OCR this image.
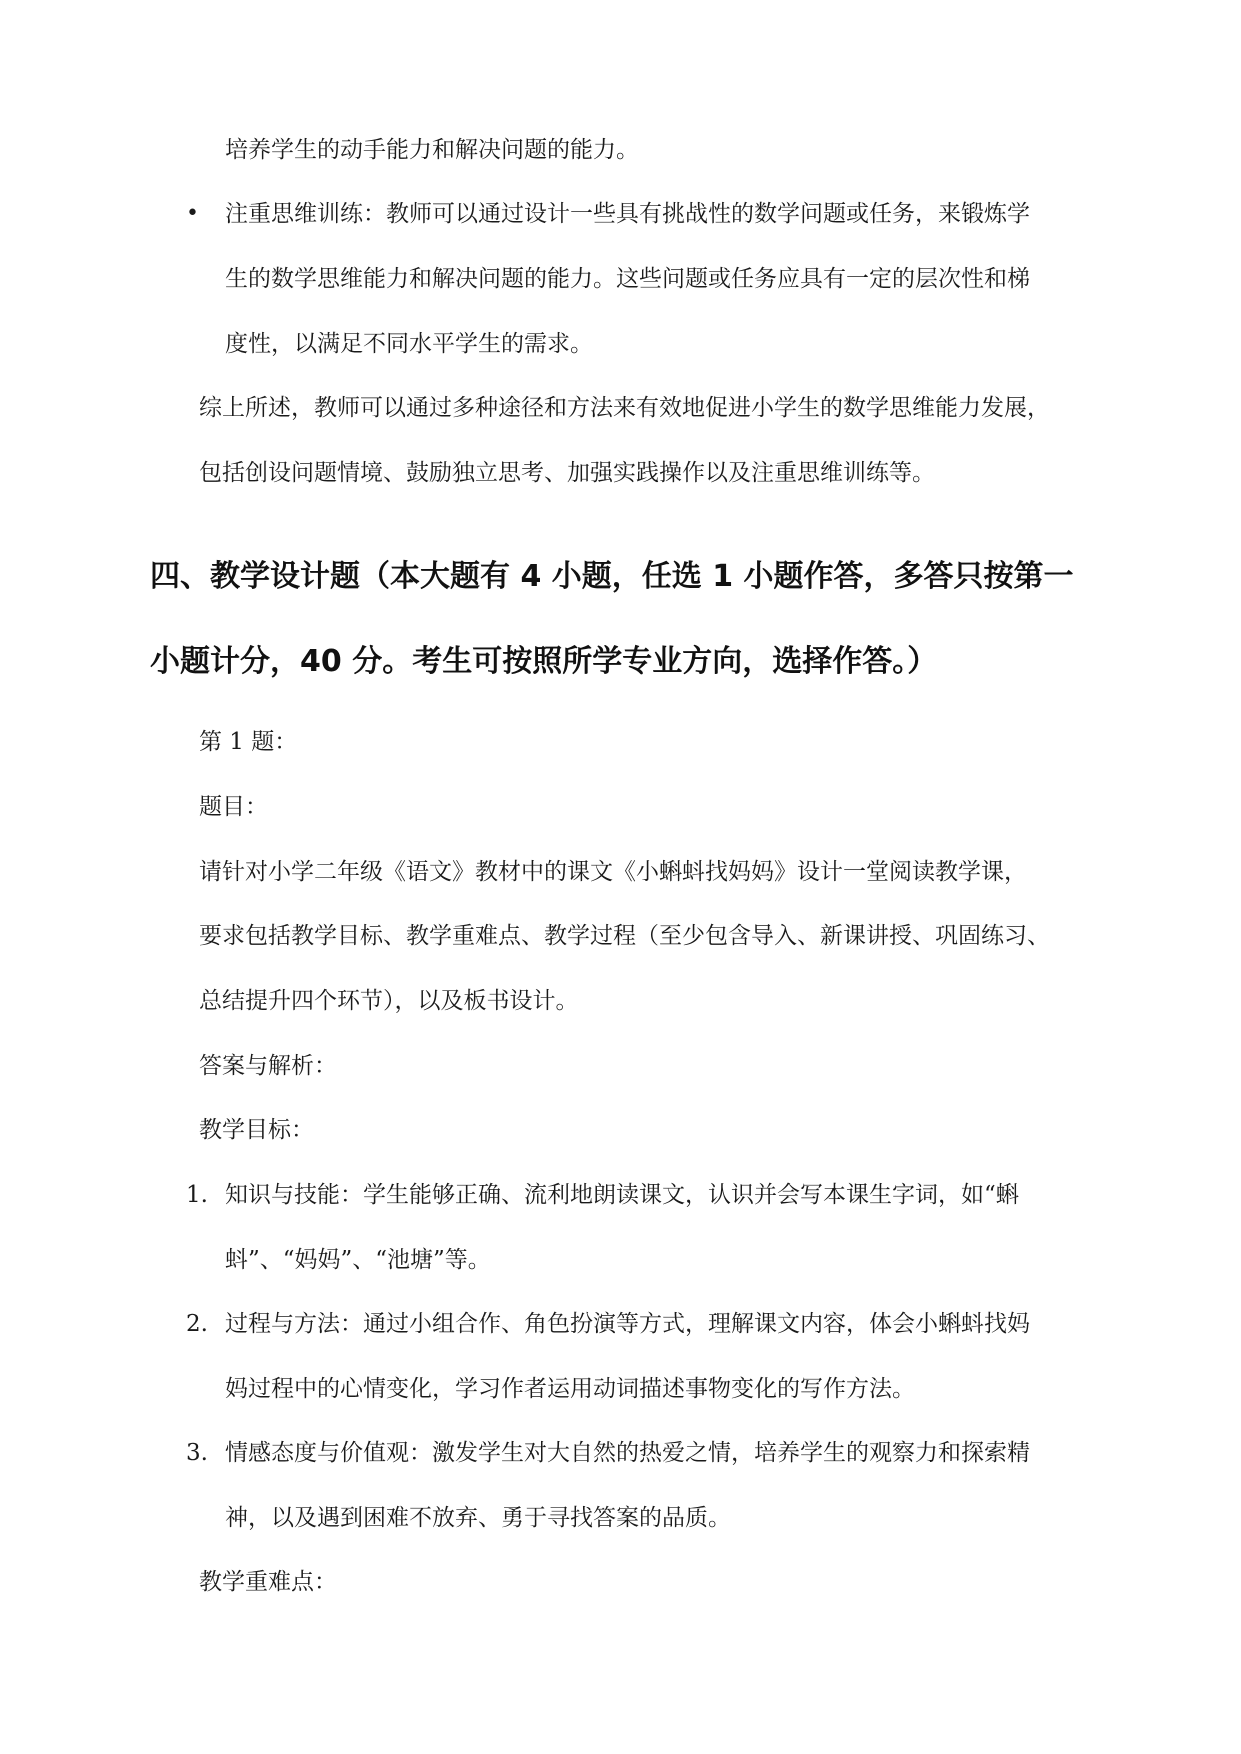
培养学生的动手能力和解决问题的能力。
• 注重思维训练：教师可以通过设计一些具有挑战性的数学问题或任务，来锻炼学
生的数学思维能力和解决问题的能力。这些问题或任务应具有一定的层次性和梯
度性，以满足不同水平学生的需求。
综上所述，教师可以通过多种途径和方法来有效地促进小学生的数学思维能力发展，
包括创设问题情境、鼓励独立思考、加强实践操作以及注重思维训练等。
四、教学设计题（本大题有 4 小题，任选 1 小题作答，多答只按第一
小题计分，40 分。考生可按照所学专业方向，选择作答。）
第 1 题：
题目：
请针对小学二年级《语文》教材中的课文《小蝌蚪找妈妈》设计一堂阅读教学课，
要求包括教学目标、教学重难点、教学过程（至少包含导入、新课讲授、巩固练习、
总结提升四个环节），以及板书设计。
答案与解析：
教学目标：
1. 知识与技能：学生能够正确、流利地朗读课文，认识并会写本课生字词，如“蝌
蚪”、“妈妈”、“池塘”等。
2. 过程与方法：通过小组合作、角色扮演等方式，理解课文内容，体会小蝌蚪找妈
妈过程中的心情变化，学习作者运用动词描述事物变化的写作方法。
3. 情感态度与价值观：激发学生对大自然的热爱之情，培养学生的观察力和探索精
神，以及遇到困难不放弃、勇于寻找答案的品质。
教学重难点：
